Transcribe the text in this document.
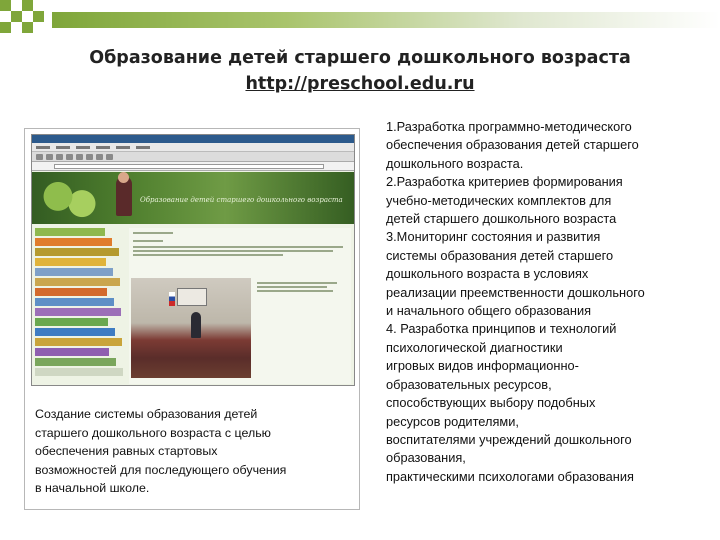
Образование детей старшего дошкольного возраста
http://preschool.edu.ru
Образование детей старшего дошкольного возраста
Создание системы образования детей
старшего дошкольного возраста с целью
обеспечения равных стартовых
возможностей для последующего обучения
в начальной школе.
1.Разработка программно-методического
обеспечения образования детей старшего
дошкольного возраста.
2.Разработка критериев формирования
учебно-методических комплектов для
детей старшего дошкольного возраста
3.Мониторинг состояния и развития
системы образования детей старшего
дошкольного возраста в условиях
реализации преемственности дошкольного
и начального общего образования
4. Разработка принципов и технологий
психологической диагностики
игровых видов информационно-
образовательных ресурсов,
способствующих выбору подобных
ресурсов родителями,
воспитателями учреждений дошкольного
образования,
практическими психологами образования
